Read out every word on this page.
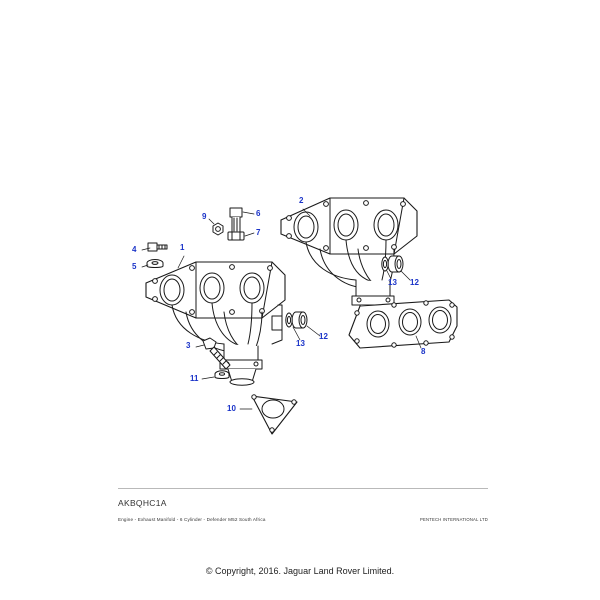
1
2
3
4
5
6
7
8
9
10
11
12
13
12
13
AKBQHC1A
Engine - Exhaust Manifold - 6 Cylinder - Defender M52 South Africa	PENTECH INTERNATIONAL LTD
© Copyright, 2016. Jaguar Land Rover Limited.
